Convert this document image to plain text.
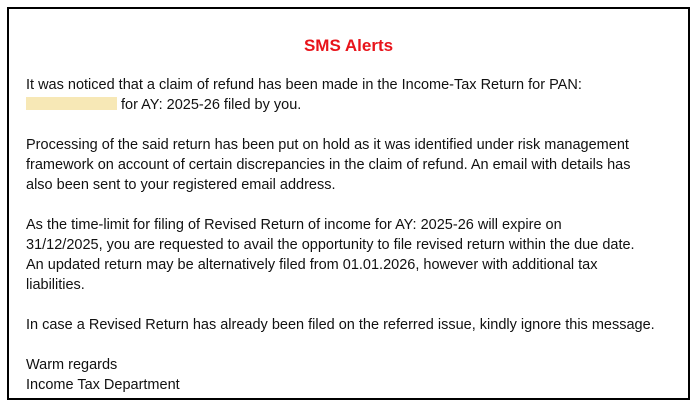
SMS Alerts
It was noticed that a claim of refund has been made in the Income-Tax Return for PAN:
for AY: 2025-26 filed by you.
Processing of the said return has been put on hold as it was identified under risk management
framework on account of certain discrepancies in the claim of refund. An email with details has
also been sent to your registered email address.
As the time-limit for filing of Revised Return of income for AY: 2025-26 will expire on
31/12/2025, you are requested to avail the opportunity to file revised return within the due date.
An updated return may be alternatively filed from 01.01.2026, however with additional tax
liabilities.
In case a Revised Return has already been filed on the referred issue, kindly ignore this message.
Warm regards
Income Tax Department
